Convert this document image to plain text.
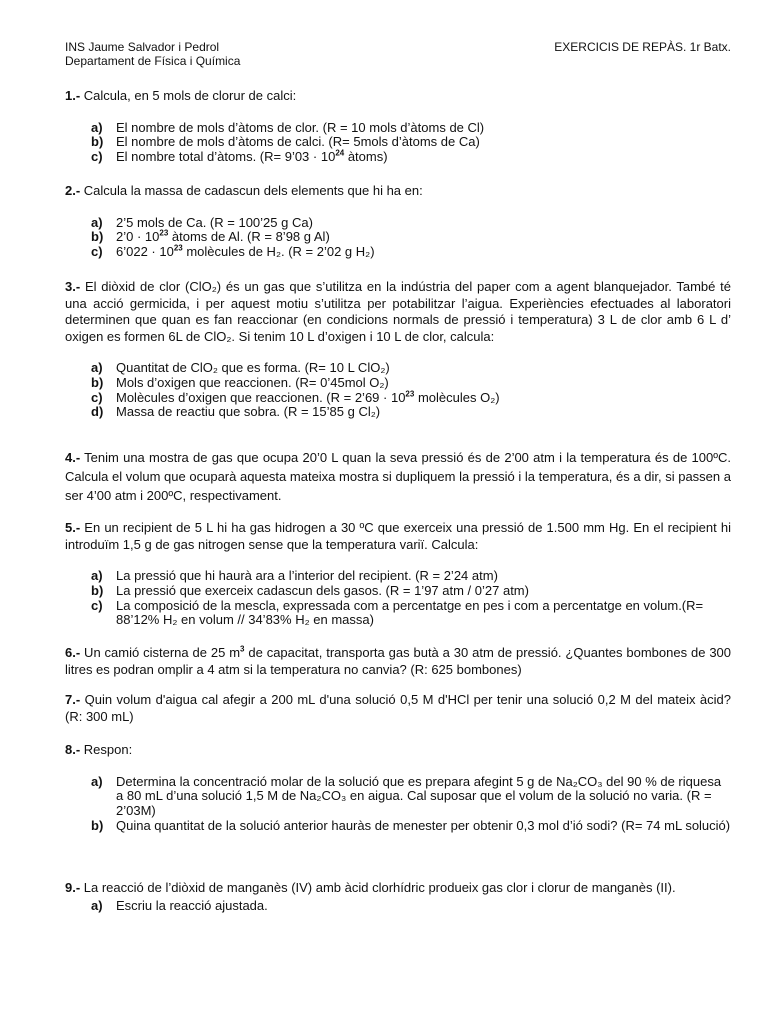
INS Jaume Salvador i Pedrol
Departament de Física i Química
EXERCICIS DE REPÀS. 1r Batx.
1.- Calcula, en 5 mols de clorur de calci:
a)	El nombre de mols d’àtoms de clor. (R = 10 mols d’àtoms de Cl)
b) El nombre de mols d’àtoms de calci. (R= 5mols d’àtoms de Ca)
c)	El nombre total d’àtoms. (R= 9’03 · $10^{24}$ àtoms)
2.- Calcula la massa de cadascun dels elements que hi ha en:
a)	2’5 mols de Ca. (R = 100’25 g Ca)
b) 2’0 · $10^{23}$ àtoms de Al. (R = 8’98 g Al)
c)	6’022 · $10^{23}$ molècules de H₂. (R = 2’02 g H₂)
3.- El diòxid de clor (ClO₂) és un gas que s’utilitza en la indústria del paper com a agent blanquejador. També té una acció germicida, i per aquest motiu s’utilitza per potabilitzar l’aigua. Experiències efectuades al laboratori determinen que quan es fan reaccionar (en condicions normals de pressió i temperatura) 3 L de clor amb 6 L d’ oxigen es formen 6L de ClO₂. Si tenim 10 L d’oxigen i 10 L de clor, calcula:
a)	Quantitat de ClO₂ que es forma. (R= 10 L ClO₂)
b) Mols d’oxigen que reaccionen. (R= 0’45mol O₂)
c)	Molècules d’oxigen que reaccionen. (R = 2’69 · $10^{23}$ molècules O₂)
d) Massa de reactiu que sobra. (R = 15’85 g Cl₂)
4.- Tenim una mostra de gas que ocupa 20’0 L quan la seva pressió és de 2’00 atm i la temperatura és de 100ºC. Calcula el volum que ocuparà aquesta mateixa mostra si dupliquem la pressió i la temperatura, és a dir, si passen a ser 4’00 atm i 200ºC, respectivament.
5.- En un recipient de 5 L hi ha gas hidrogen a 30 ºC que exerceix una pressió de 1.500 mm Hg. En el recipient hi introduïm 1,5 g de gas nitrogen sense que la temperatura variï. Calcula:
a)	La pressió que hi haurà ara a l’interior del recipient. (R = 2’24 atm)
b) La pressió que exerceix cadascun dels gasos. (R = 1’97 atm / 0’27 atm)
c)	La composició de la mescla, expressada com a percentatge en pes i com a percentatge en volum.(R= 88’12% H₂ en volum // 34’83% H₂ en massa)
6.- Un camió cisterna de 25 $m^3$ de capacitat, transporta gas butà a 30 atm de pressió. ¿Quantes bombones de 300 litres es podran omplir a 4 atm si la temperatura no canvia? (R: 625 bombones)
7.- Quin volum d'aigua cal afegir a 200 mL d'una solució 0,5 M d'HCl per tenir una solució 0,2 M del mateix àcid? (R: 300 mL)
8.- Respon:
a)	Determina la concentració molar de la solució que es prepara afegint 5 g de Na₂CO₃ del 90 % de riquesa a 80 mL d’una solució 1,5 M de Na₂CO₃ en aigua. Cal suposar que el volum de la solució no varia. (R = 2’03M)
b) Quina quantitat de la solució anterior hauràs de menester per obtenir 0,3 mol d’ió sodi? (R= 74 mL solució)
9.- La reacció de l’diòxid de manganès (IV) amb àcid clorhídric produeix gas clor i clorur de manganès (II).
a)	Escriu la reacció ajustada.
